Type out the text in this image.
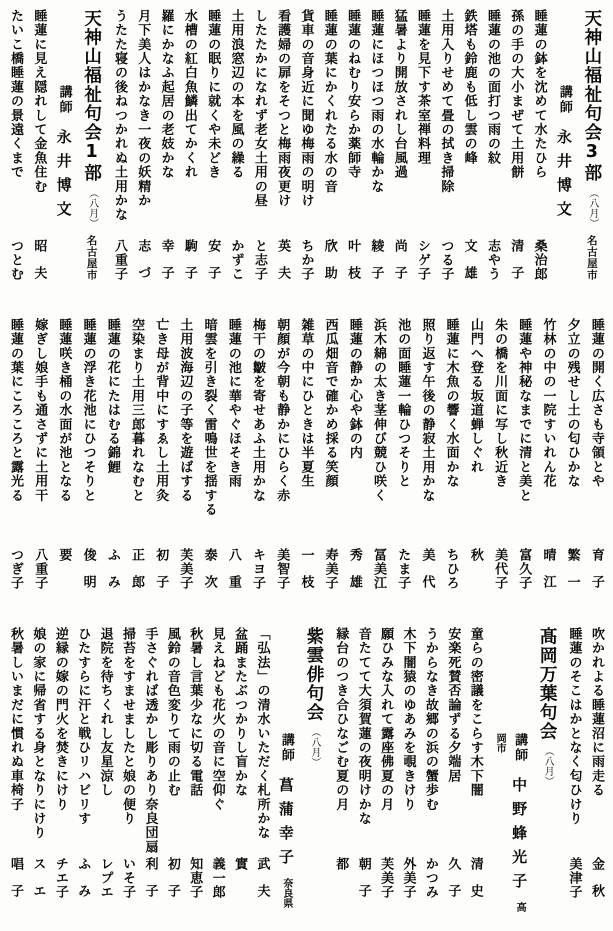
天神山福祉句会3部（八月）名古屋市
講師永井博文
睡蓮の鉢を沈めて水たひら
桑治郎
孫の手の大小まぜて土用餅
清子
睡蓮の池の面打つ雨の紋
志やう
鉄塔も鈴鹿も低し雲の峰
文雄
土用入りせめて畳の拭き掃除
つる子
睡蓮を見下す茶室禅料理
シゲ子
猛暑より開放されし台風過
尚子
睡蓮にほつほつ雨の水輪かな
綾子
睡蓮のねむり安らか薬師寺
叶枝
睡蓮の葉にかくれたる水の音
欣助
貨車の音身近に聞ゆ梅雨の明け
ちか子
看護婦の扉をそつと梅雨夜更け
英夫
したたかになれず老女土用の昼
と志子
土用浪窓辺の本を風の繰る
かずこ
睡蓮の眠りに就くや未どき
安子
水槽の紅白魚鱗出てかくれ
駒子
羅にかなふ起居の老妓かな
幸子
月下美人はかなき一夜の妖精か
志づ
うたた寝の後ねつかれぬ土用かな
八重子
天神山福祉句会1部（八月）名古屋市
講師永井博文
睡蓮に見え隠れして金魚住む
昭夫
たいこ橋睡蓮の景遠くまで
つとむ
睡蓮の開く広さも寺領とや
育子
夕立の残せし土の匂ひかな
繁一
竹林の中の一院すいれん花
晴江
睡蓮や神秘なまでに清と美と
富久子
朱の橋を川面に写し秋近き
美代子
山門へ登る坂道蝉しぐれ
秋
睡蓮に木魚の響く水面かな
ちひろ
照り返す午後の静寂土用かな
美代
池の面睡蓮一輪ひつそりと
たま子
浜木綿の太き茎伸び競ひ咲く
冨美江
睡蓮の静か心や鉢の内
秀雄
西瓜畑音で確かめ採る笑顔
寿美子
雑草の中にひときは半夏生
一枝
朝顔が今朝も静かにひらく赤
美智子
梅干の皺を寄せあふ土用かな
キヨ子
睡蓮の池に華やぐほそき雨
八重
暗雲を引き裂く雷鳴世を揺する
泰次
土用波海辺の子等を遊ばする
芙美子
亡き母が背中にすゑし土用灸
初子
空染まり土用三郎暮れなむと
正郎
睡蓮の花にたはむる錦鯉
ふみ
睡蓮の浮き花池にひつそりと
俊明
睡蓮咲き桶の水面が池となる
要
嫁ぎし娘手も通さずに土用干
八重子
睡蓮の葉にころころと露光る
つぎ子
吹かれよる睡蓮沼に雨走る
金秋
睡蓮のそこはかとなく匂ひけり
美津子
髙岡万葉句会（八月）
講師中野蜂光子高岡市
童らの密議をこらす木下闇
清史
安楽死賛否論ずる夕端居
久子
うからなき故郷の浜の蟹歩む
かつみ
木下闇猿のゆあみを覗きけり
外美子
願ひみな入れて露座佛夏の月
芙美子
音たてて大須賀蓮の夜明けかな
朝子
縁台のつき合ひなごむ夏の月
都
紫雲俳句会（八月）
講師菖蒲幸子奈良県
「弘法」の清水いただく札所かな
武夫
盆踊またぶつかりし盲かな
實
見えねども花火の音に空仰ぐ
義一郎
秋暑し言葉少なに切る電話
知恵子
風鈴の音色変りて雨の止む
初子
手さぐれば透かし彫りあり奈良団扇
利子
掃苔をすませましたと娘の便り
いそ子
退院を待ちくれし友星涼し
レプエ
ひたすらに汗と戦ひリハビリす
ふみ
逆縁の嫁の門火を焚きにけり
チエ子
娘の家に帰省する身となりにけり
スエ
秋暑しいまだに慣れぬ車椅子
唱子
